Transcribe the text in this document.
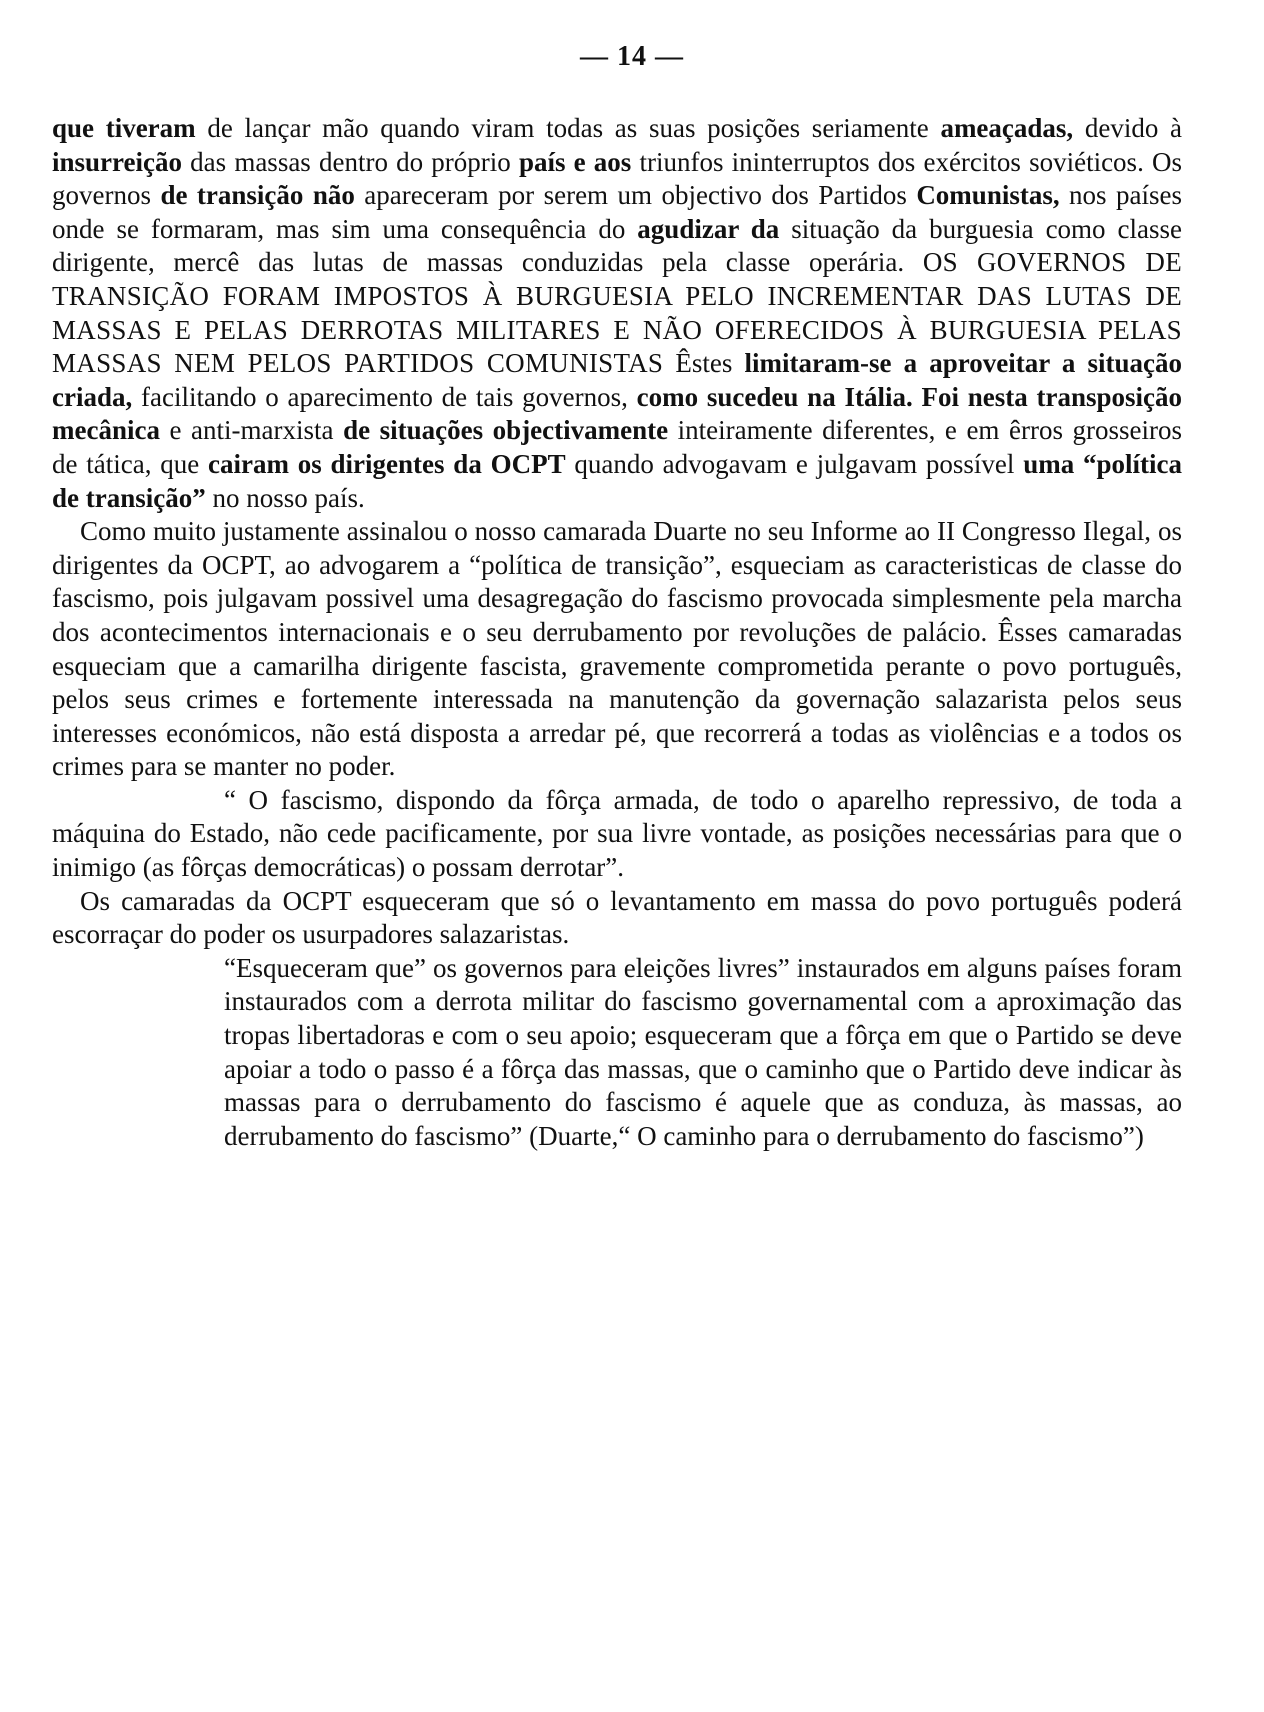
— 14 —

que tiveram de lançar mão quando viram todas as suas posições seriamente ameaçadas, devido à insurreição das massas dentro do próprio país e aos triunfos ininterruptos dos exércitos soviéticos. Os governos de transição não apareceram por serem um objectivo dos Partidos Comunistas, nos países onde se formaram, mas sim uma consequência do agudizar da situação da burguesia como classe dirigente, mercê das lutas de massas conduzidas pela classe operária. OS GOVERNOS DE TRANSIÇÃO FORAM IMPOSTOS À BURGUESIA PELO INCREMENTAR DAS LUTAS DE MASSAS E PELAS DERROTAS MILITARES E NÃO OFERECIDOS À BURGUESIA PELAS MASSAS NEM PELOS PARTIDOS COMUNISTAS Êstes limitaram-se a aproveitar a situação criada, facilitando o aparecimento de tais governos, como sucedeu na Itália. Foi nesta transposição mecânica e anti-marxista de situações objectivamente inteiramente diferentes, e em êrros grosseiros de tática, que cairam os dirigentes da OCPT quando advogavam e julgavam possível uma “política de transição” no nosso país.

Como muito justamente assinalou o nosso camarada Duarte no seu Informe ao II Congresso Ilegal, os dirigentes da OCPT, ao advogarem a “política de transição”, esqueciam as caracteristicas de classe do fascismo, pois julgavam possivel uma desagregação do fascismo provocada simplesmente pela marcha dos acontecimentos internacionais e o seu derrubamento por revoluções de palácio. Êsses camaradas esqueciam que a camarilha dirigente fascista, gravemente comprometida perante o povo português, pelos seus crimes e fortemente interessada na manutenção da governação salazarista pelos seus interesses económicos, não está disposta a arredar pé, que recorrerá a todas as violências e a todos os crimes para se manter no poder.

“ O fascismo, dispondo da fôrça armada, de todo o aparelho repressivo, de toda a máquina do Estado, não cede pacificamente, por sua livre vontade, as posições necessárias para que o inimigo (as fôrças democráticas) o possam derrotar”.

Os camaradas da OCPT esqueceram que só o levantamento em massa do povo português poderá escorraçar do poder os usurpadores salazaristas.

“Esqueceram que” os governos para eleições livres” instaurados em alguns países foram instaurados com a derrota militar do fascismo governamental com a aproximação das tropas libertadoras e com o seu apoio; esqueceram que a fôrça em que o Partido se deve apoiar a todo o passo é a fôrça das massas, que o caminho que o Partido deve indicar às massas para o derrubamento do fascismo é aquele que as conduza, às massas, ao derrubamento do fascismo” (Duarte,“ O caminho para o derrubamento do fascismo”)
